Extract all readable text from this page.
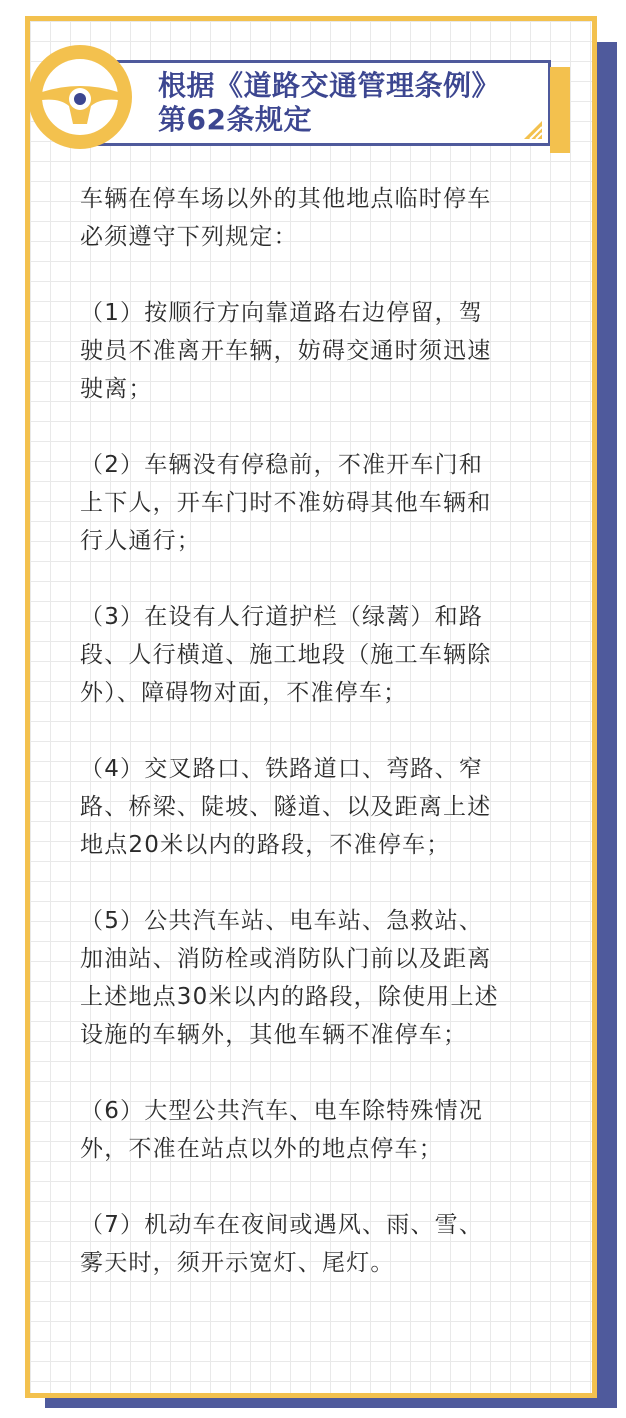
根据《道路交通管理条例》
第62条规定

车辆在停车场以外的其他地点临时停车
必须遵守下列规定：

（1）按顺行方向靠道路右边停留，驾
驶员不准离开车辆，妨碍交通时须迅速
驶离；

（2）车辆没有停稳前，不准开车门和
上下人，开车门时不准妨碍其他车辆和
行人通行；

（3）在设有人行道护栏（绿蓠）和路
段、人行横道、施工地段（施工车辆除
外）、障碍物对面，不准停车；

（4）交叉路口、铁路道口、弯路、窄
路、桥梁、陡坡、隧道、以及距离上述
地点20米以内的路段，不准停车；

（5）公共汽车站、电车站、急救站、
加油站、消防栓或消防队门前以及距离
上述地点30米以内的路段，除使用上述
设施的车辆外，其他车辆不准停车；

（6）大型公共汽车、电车除特殊情况
外，不准在站点以外的地点停车；

（7）机动车在夜间或遇风、雨、雪、
雾天时，须开示宽灯、尾灯。
